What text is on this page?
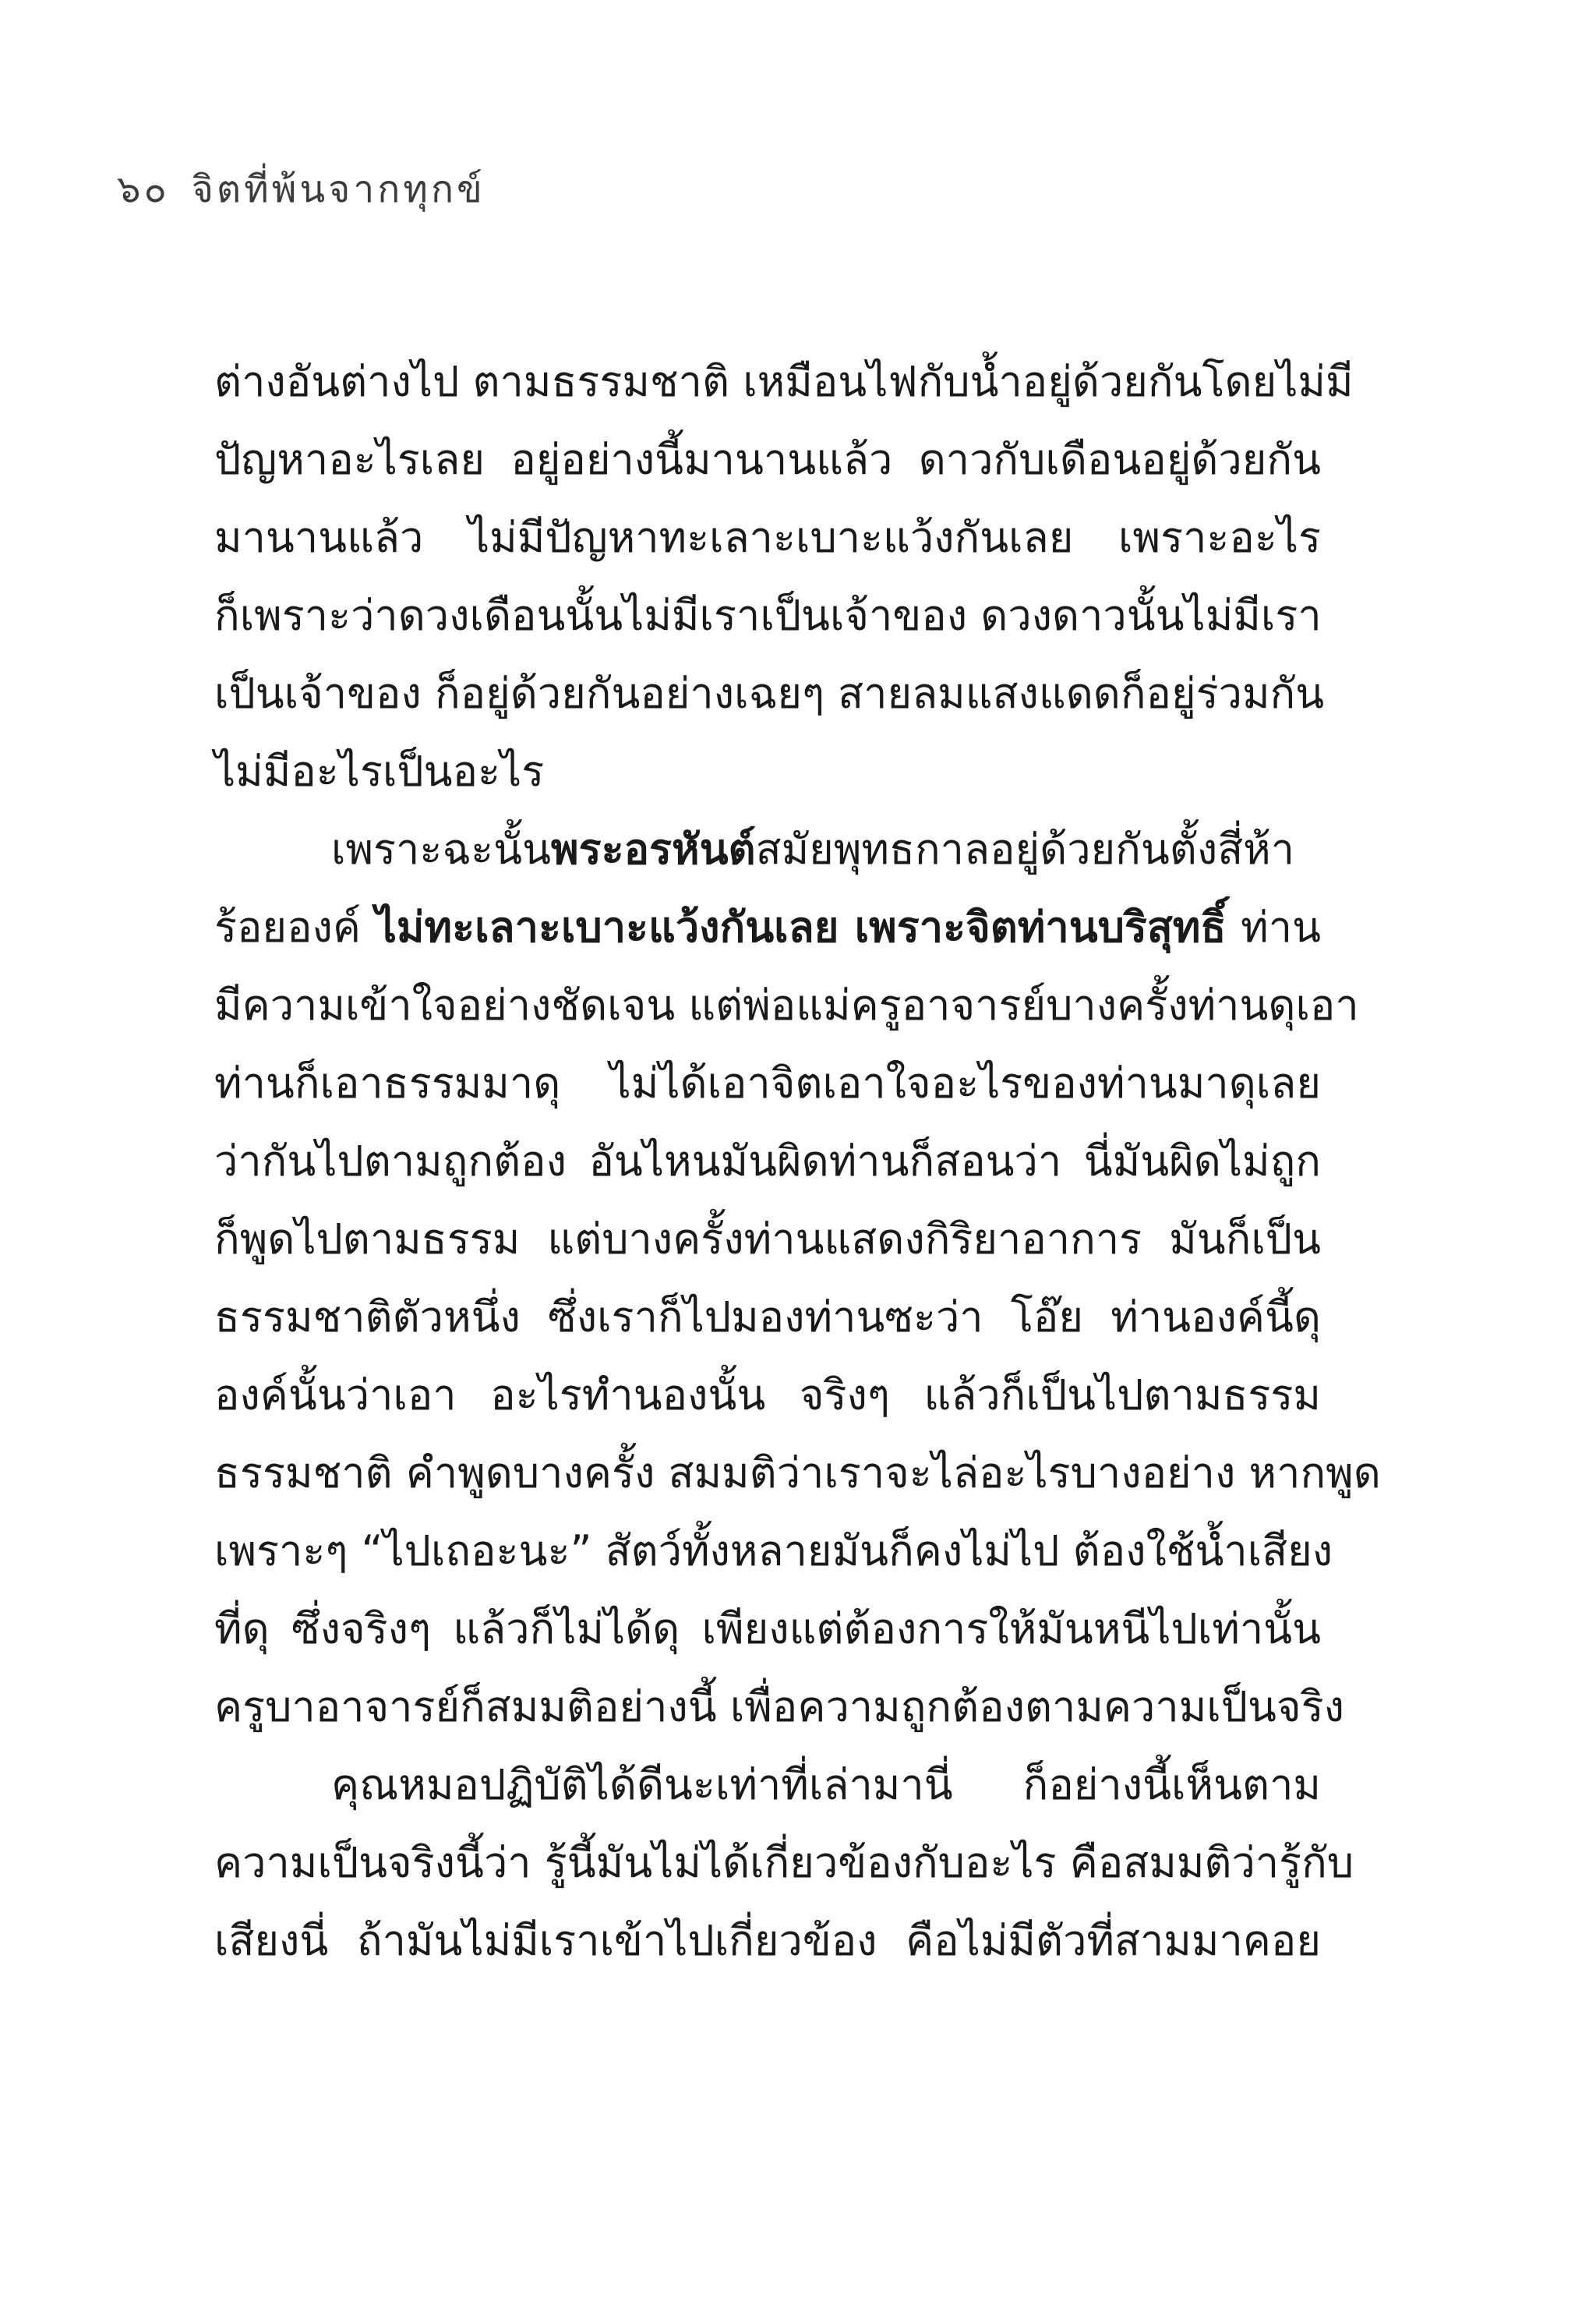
๖๐ จิตที่พ้นจากทุกข์
ต่างอันต่างไป ตามธรรมชาติ เหมือนไฟกับน้ำอยู่ด้วยกันโดยไม่มี
ปัญหาอะไรเลย อยู่อย่างนี้มานานแล้ว ดาวกับเดือนอยู่ด้วยกัน
มานานแล้ว ไม่มีปัญหาทะเลาะเบาะแว้งกันเลย เพราะอะไร
ก็เพราะว่าดวงเดือนนั้นไม่มีเราเป็นเจ้าของ ดวงดาวนั้นไม่มีเรา
เป็นเจ้าของ ก็อยู่ด้วยกันอย่างเฉยๆ สายลมแสงแดดก็อยู่ร่วมกัน
ไม่มีอะไรเป็นอะไร
เพราะฉะนั้นพระอรหันต์สมัยพุทธกาลอยู่ด้วยกันตั้งสี่ห้า
ร้อยองค์ ไม่ทะเลาะเบาะแว้งกันเลย เพราะจิตท่านบริสุทธิ์ ท่าน
มีความเข้าใจอย่างชัดเจน แต่พ่อแม่ครูอาจารย์บางครั้งท่านดุเอา
ท่านก็เอาธรรมมาดุ ไม่ได้เอาจิตเอาใจอะไรของท่านมาดุเลย
ว่ากันไปตามถูกต้อง อันไหนมันผิดท่านก็สอนว่า นี่มันผิดไม่ถูก
ก็พูดไปตามธรรม แต่บางครั้งท่านแสดงกิริยาอาการ มันก็เป็น
ธรรมชาติตัวหนึ่ง ซึ่งเราก็ไปมองท่านซะว่า โอ๊ย ท่านองค์นี้ดุ
องค์นั้นว่าเอา อะไรทำนองนั้น จริงๆ แล้วก็เป็นไปตามธรรม
ธรรมชาติ คำพูดบางครั้ง สมมติว่าเราจะไล่อะไรบางอย่าง หากพูด
เพราะๆ “ไปเถอะนะ” สัตว์ทั้งหลายมันก็คงไม่ไป ต้องใช้น้ำเสียง
ที่ดุ ซึ่งจริงๆ แล้วก็ไม่ได้ดุ เพียงแต่ต้องการให้มันหนีไปเท่านั้น
ครูบาอาจารย์ก็สมมติอย่างนี้ เพื่อความถูกต้องตามความเป็นจริง
คุณหมอปฏิบัติได้ดีนะเท่าที่เล่ามานี่ ก็อย่างนี้เห็นตาม
ความเป็นจริงนี้ว่า รู้นี้มันไม่ได้เกี่ยวข้องกับอะไร คือสมมติว่ารู้กับ
เสียงนี่ ถ้ามันไม่มีเราเข้าไปเกี่ยวข้อง คือไม่มีตัวที่สามมาคอย
